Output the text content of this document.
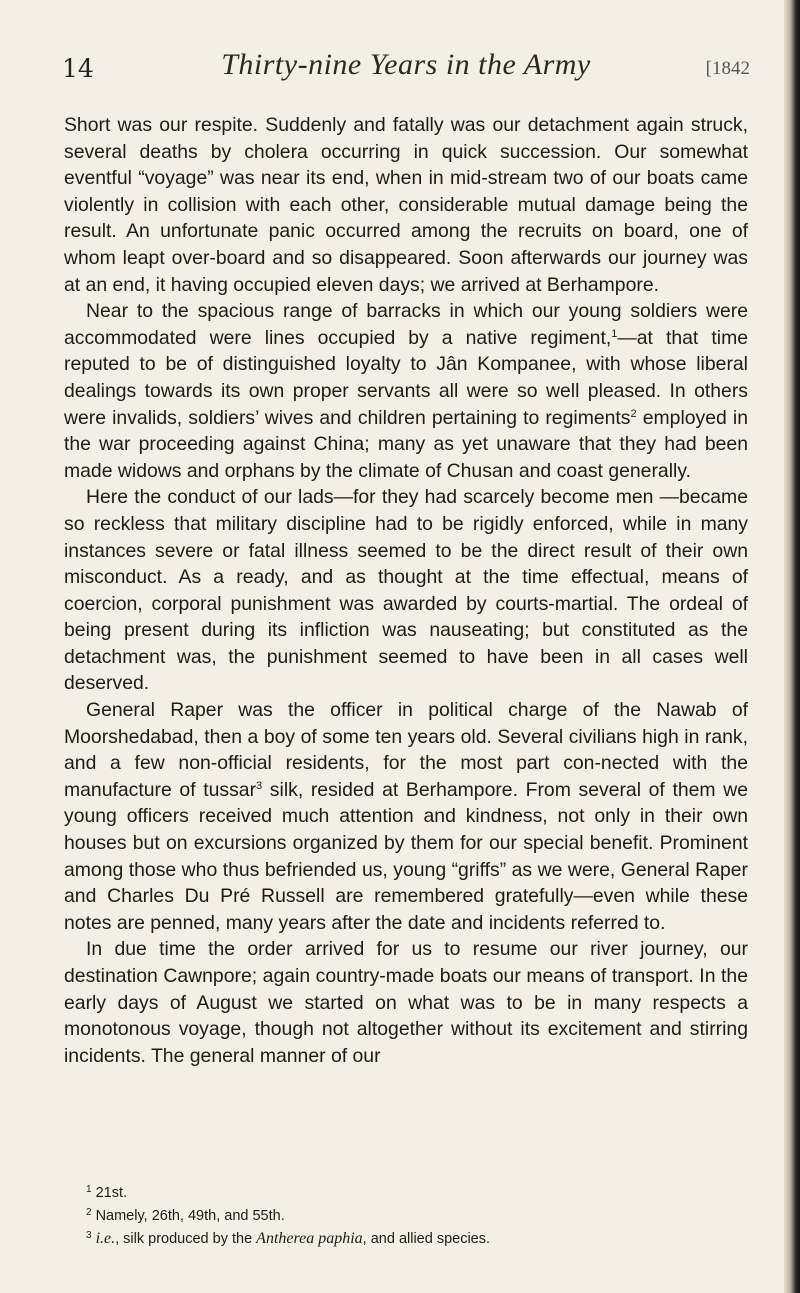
14	Thirty-nine Years in the Army	[1842

Short was our respite. Suddenly and fatally was our detachment again struck, several deaths by cholera occurring in quick succession. Our somewhat eventful “voyage” was near its end, when in mid-stream two of our boats came violently in collision with each other, considerable mutual damage being the result. An unfortunate panic occurred among the recruits on board, one of whom leapt over-board and so disappeared. Soon afterwards our journey was at an end, it having occupied eleven days; we arrived at Berhampore.

Near to the spacious range of barracks in which our young soldiers were accommodated were lines occupied by a native regiment,$^1$—at that time reputed to be of distinguished loyalty to Jân Kompanee, with whose liberal dealings towards its own proper servants all were so well pleased. In others were invalids, soldiers’ wives and children pertaining to regiments$^2$ employed in the war proceeding against China; many as yet unaware that they had been made widows and orphans by the climate of Chusan and coast generally.

Here the conduct of our lads—for they had scarcely become men —became so reckless that military discipline had to be rigidly enforced, while in many instances severe or fatal illness seemed to be the direct result of their own misconduct. As a ready, and as thought at the time effectual, means of coercion, corporal punishment was awarded by courts-martial. The ordeal of being present during its infliction was nauseating; but constituted as the detachment was, the punishment seemed to have been in all cases well deserved.

General Raper was the officer in political charge of the Nawab of Moorshedabad, then a boy of some ten years old. Several civilians high in rank, and a few non-official residents, for the most part con-nected with the manufacture of tussar$^3$ silk, resided at Berhampore. From several of them we young officers received much attention and kindness, not only in their own houses but on excursions organized by them for our special benefit. Prominent among those who thus befriended us, young “griffs” as we were, General Raper and Charles Du Pré Russell are remembered gratefully—even while these notes are penned, many years after the date and incidents referred to.

In due time the order arrived for us to resume our river journey, our destination Cawnpore; again country-made boats our means of transport. In the early days of August we started on what was to be in many respects a monotonous voyage, though not altogether without its excitement and stirring incidents. The general manner of our

$^1$ 21st.

$^2$ Namely, 26th, 49th, and 55th.

$^3$ i.e., silk produced by the Antherea paphia, and allied species.
